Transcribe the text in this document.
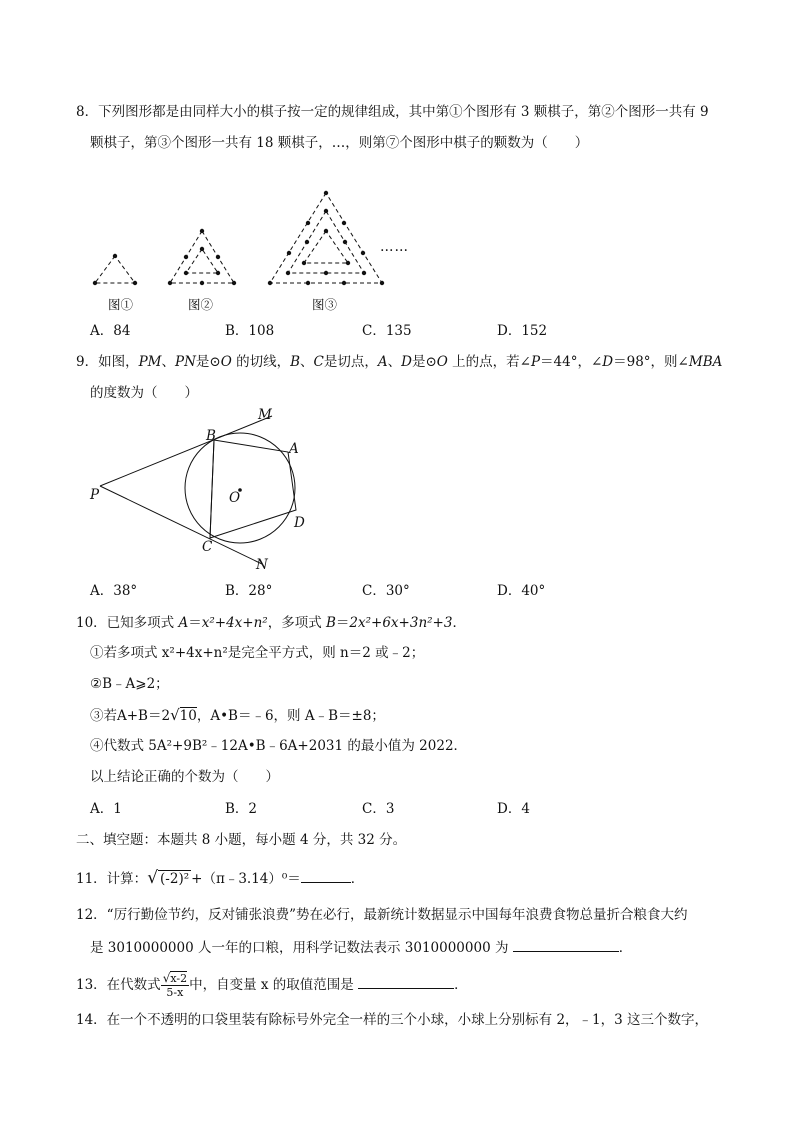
8．下列图形都是由同样大小的棋子按一定的规律组成，其中第①个图形有 3 颗棋子，第②个图形一共有 9
颗棋子，第③个图形一共有 18 颗棋子，…，则第⑦个图形中棋子的颗数为（　　）
……
图①	图②	图③
A．84	B．108	C．135	D．152
9．如图，PM、PN是⊙O 的切线，B、C是切点，A、D是⊙O 上的点，若∠P＝44°，∠D＝98°，则∠MBA
的度数为（　　）
M
B
A
P	O
D
C
N
A．38°	B．28°	C．30°	D．40°
10．已知多项式 A＝x²+4x+n²，多项式 B＝2x²+6x+3n²+3．
①若多项式 x²+4x+n²是完全平方式，则 n＝2 或﹣2；
②B﹣A⩾2；
③若A+B＝2√10，A•B＝﹣6，则 A﹣B＝±8；
④代数式 5A²+9B²﹣12A•B﹣6A+2031 的最小值为 2022．
以上结论正确的个数为（　　）
A．1	B．2	C．3	D．4
二、填空题：本题共 8 小题，每小题 4 分，共 32 分。
11．计算：√ (-2)² +（π﹣3.14）⁰＝	．
12．“厉行勤俭节约，反对铺张浪费”势在必行，最新统计数据显示中国每年浪费食物总量折合粮食大约
是 3010000000 人一年的口粮，用科学记数法表示 3010000000 为	．
13．在代数式 $\frac{√x-2}{5-x}$ 中，自变量 x 的取值范围是	．
14．在一个不透明的口袋里装有除标号外完全一样的三个小球，小球上分别标有 2，﹣1，3 这三个数字，
